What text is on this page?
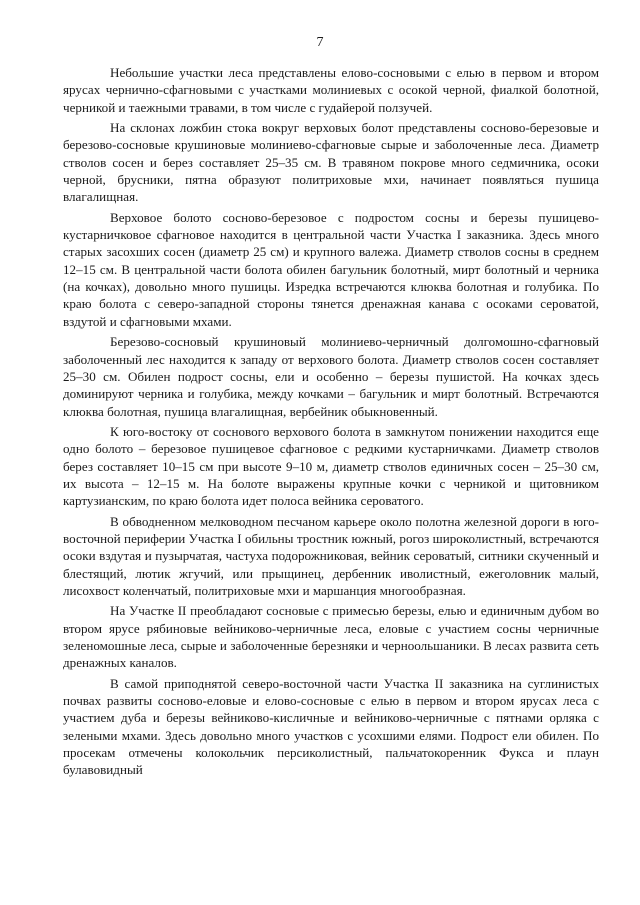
7

Небольшие участки леса представлены елово-сосновыми с елью в первом и втором ярусах чернично-сфагновыми с участками молиниевых с осокой черной, фиалкой болотной, черникой и таежными травами, в том числе с гудайерой ползучей.

На склонах ложбин стока вокруг верховых болот представлены сосново-березовые и березово-сосновые крушиновые молиниево-сфагновые сырые и заболоченные леса. Диаметр стволов сосен и берез составляет 25–35 см. В травяном покрове много седмичника, осоки черной, брусники, пятна образуют политриховые мхи, начинает появляться пушица влагалищная.

Верховое болото сосново-березовое с подростом сосны и березы пушицево-кустарничковое сфагновое находится в центральной части Участка I заказника. Здесь много старых засохших сосен (диаметр 25 см) и крупного валежа. Диаметр стволов сосны в среднем 12–15 см. В центральной части болота обилен багульник болотный, мирт болотный и черника (на кочках), довольно много пушицы. Изредка встречаются клюква болотная и голубика. По краю болота с северо-западной стороны тянется дренажная канава с осоками сероватой, вздутой и сфагновыми мхами.

Березово-сосновый крушиновый молиниево-черничный долгомошно-сфагновый заболоченный лес находится к западу от верхового болота. Диаметр стволов сосен составляет 25–30 см. Обилен подрост сосны, ели и особенно – березы пушистой. На кочках здесь доминируют черника и голубика, между кочками – багульник и мирт болотный. Встречаются клюква болотная, пушица влагалищная, вербейник обыкновенный.

К юго-востоку от соснового верхового болота в замкнутом понижении находится еще одно болото – березовое пушицевое сфагновое с редкими кустарничками. Диаметр стволов берез составляет 10–15 см при высоте 9–10 м, диаметр стволов единичных сосен – 25–30 см, их высота – 12–15 м. На болоте выражены крупные кочки с черникой и щитовником картузианским, по краю болота идет полоса вейника сероватого.

В обводненном мелководном песчаном карьере около полотна железной дороги в юго-восточной периферии Участка I обильны тростник южный, рогоз широколистный, встречаются осоки вздутая и пузырчатая, частуха подорожниковая, вейник сероватый, ситники скученный и блестящий, лютик жгучий, или прыщинец, дербенник иволистный, ежеголовник малый, лисохвост коленчатый, политриховые мхи и маршанция многообразная.

На Участке II преобладают сосновые с примесью березы, елью и единичным дубом во втором ярусе рябиновые вейниково-черничные леса, еловые с участием сосны черничные зеленомошные леса, сырые и заболоченные березняки и черноольшаники. В лесах развита сеть дренажных каналов.

В самой приподнятой северо-восточной части Участка II заказника на суглинистых почвах развиты сосново-еловые и елово-сосновые с елью в первом и втором ярусах леса с участием дуба и березы вейниково-кисличные и вейниково-черничные с пятнами орляка с зелеными мхами. Здесь довольно много участков с усохшими елями. Подрост ели обилен. По просекам отмечены колокольчик персиколистный, пальчатокоренник Фукса и плаун булавовидный
